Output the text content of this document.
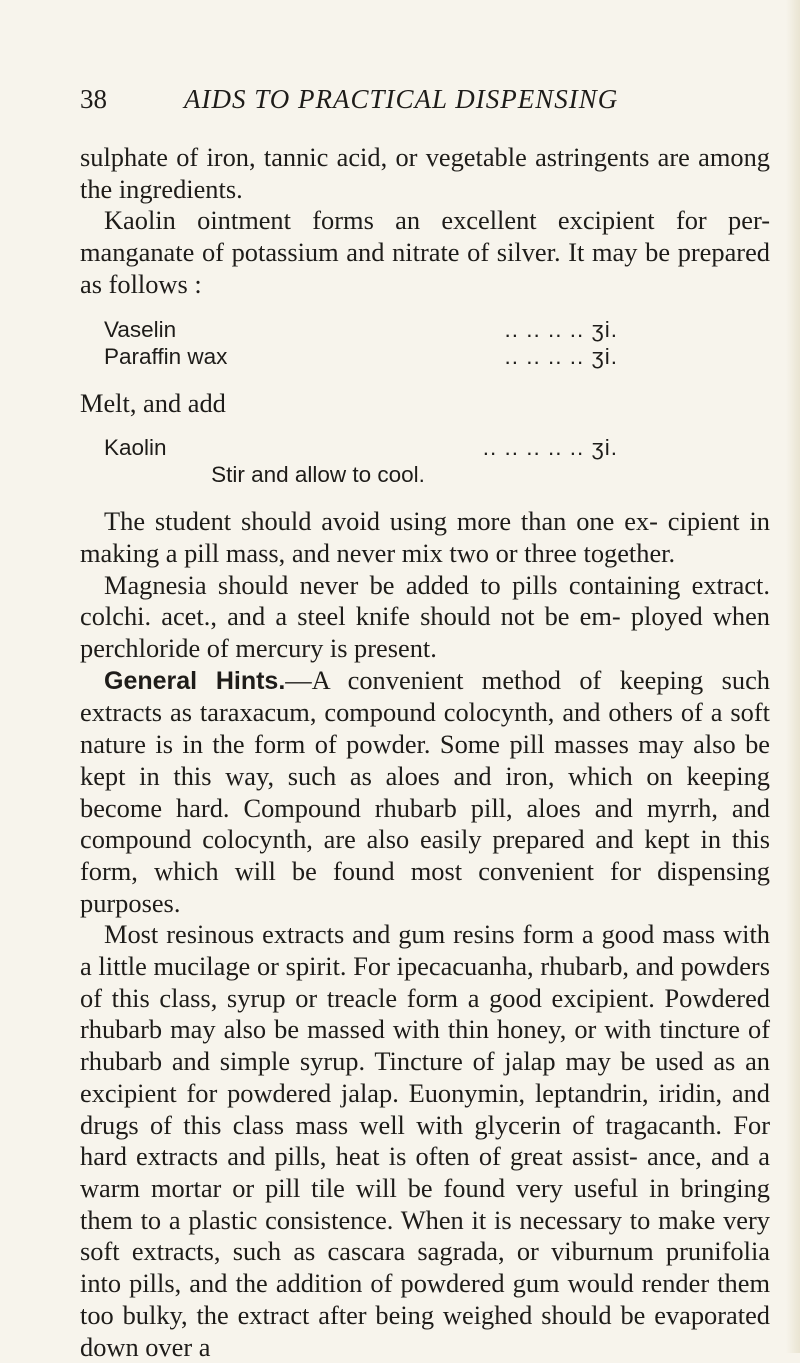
38	AIDS TO PRACTICAL DISPENSING

sulphate of iron, tannic acid, or vegetable astringents are among the ingredients.

Kaolin ointment forms an excellent excipient for per- manganate of potassium and nitrate of silver. It may be prepared as follows :

Vaselin	.. .. .. .. ʒi.
Paraffin wax	.. .. .. .. ʒi.

Melt, and add

Kaolin	.. .. .. .. .. ʒi.
Stir and allow to cool.

The student should avoid using more than one ex- cipient in making a pill mass, and never mix two or three together.

Magnesia should never be added to pills containing extract. colchi. acet., and a steel knife should not be em- ployed when perchloride of mercury is present.

General Hints.—A convenient method of keeping such extracts as taraxacum, compound colocynth, and others of a soft nature is in the form of powder. Some pill masses may also be kept in this way, such as aloes and iron, which on keeping become hard. Compound rhubarb pill, aloes and myrrh, and compound colocynth, are also easily prepared and kept in this form, which will be found most convenient for dispensing purposes.

Most resinous extracts and gum resins form a good mass with a little mucilage or spirit. For ipecacuanha, rhubarb, and powders of this class, syrup or treacle form a good excipient. Powdered rhubarb may also be massed with thin honey, or with tincture of rhubarb and simple syrup. Tincture of jalap may be used as an excipient for powdered jalap. Euonymin, leptandrin, iridin, and drugs of this class mass well with glycerin of tragacanth. For hard extracts and pills, heat is often of great assist- ance, and a warm mortar or pill tile will be found very useful in bringing them to a plastic consistence. When it is necessary to make very soft extracts, such as cascara sagrada, or viburnum prunifolia into pills, and the addition of powdered gum would render them too bulky, the extract after being weighed should be evaporated down over a
